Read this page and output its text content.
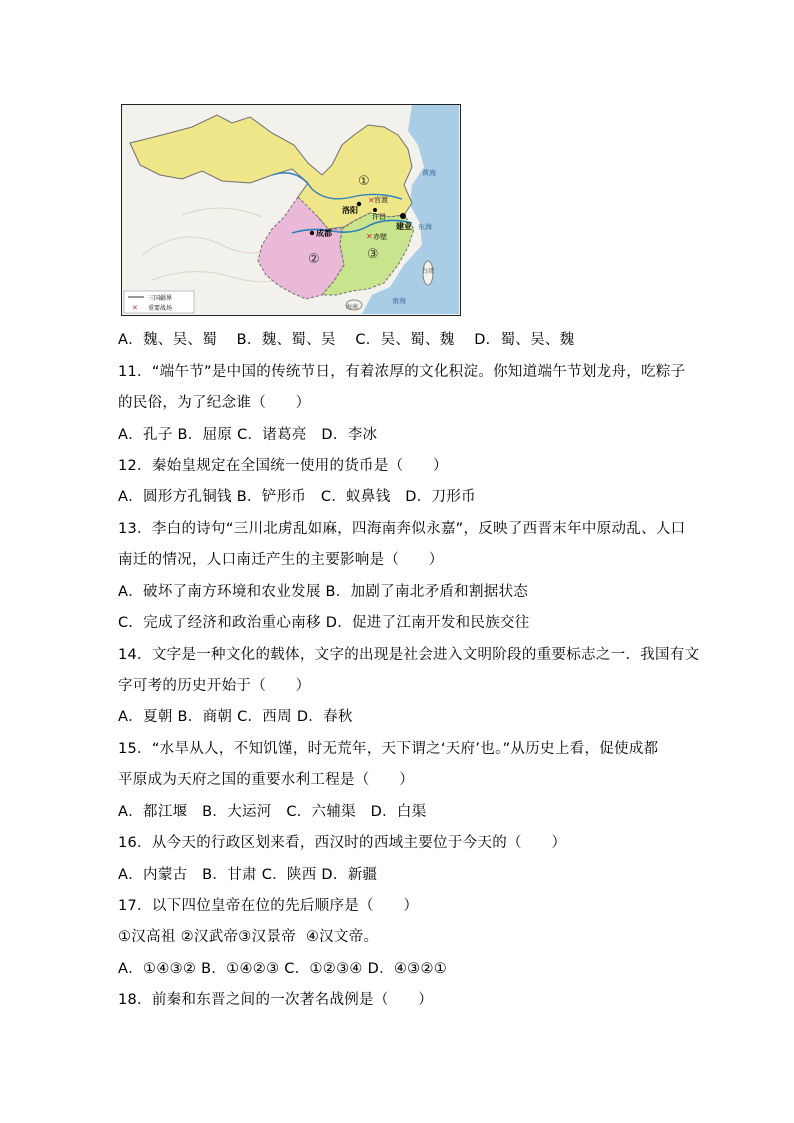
①
②	③
洛阳
✕ 官渡
许昌
成都
建业
✕ 赤壁
黄海
东海
台湾
海南
南海
三国疆界
✕ 重要战场
A．魏、吴、蜀    B．魏、蜀、吴    C．吴、蜀、魏    D．蜀、吴、魏
11．“端午节”是中国的传统节日，有着浓厚的文化积淀。你知道端午节划龙舟，吃粽子
的民俗，为了纪念谁（　　）
A．孔子 B．屈原 C．诸葛亮   D．李冰
12．秦始皇规定在全国统一使用的货币是（　　）
A．圆形方孔铜钱 B．铲形币   C．蚁鼻钱   D．刀形币
13．李白的诗句“三川北虏乱如麻，四海南奔似永嘉”，反映了西晋末年中原动乱、人口
南迁的情况，人口南迁产生的主要影响是（　　）
A．破坏了南方环境和农业发展 B．加剧了南北矛盾和割据状态
C．完成了经济和政治重心南移 D．促进了江南开发和民族交往
14．文字是一种文化的载体，文字的出现是社会进入文明阶段的重要标志之一．我国有文
字可考的历史开始于（　　）
A．夏朝 B．商朝 C．西周 D．春秋
15．“水旱从人，不知饥馑，时无荒年，天下谓之‘天府’也。”从历史上看，促使成都
平原成为天府之国的重要水利工程是（　　）
A．都江堰   B．大运河   C．六辅渠   D．白渠
16．从今天的行政区划来看，西汉时的西域主要位于今天的（　　）
A．内蒙古   B．甘肃 C．陕西 D．新疆
17．以下四位皇帝在位的先后顺序是（　　）
①汉高祖 ②汉武帝③汉景帝  ④汉文帝。
A．①④③② B．①④②③ C．①②③④ D．④③②①
18．前秦和东晋之间的一次著名战例是（　　）
